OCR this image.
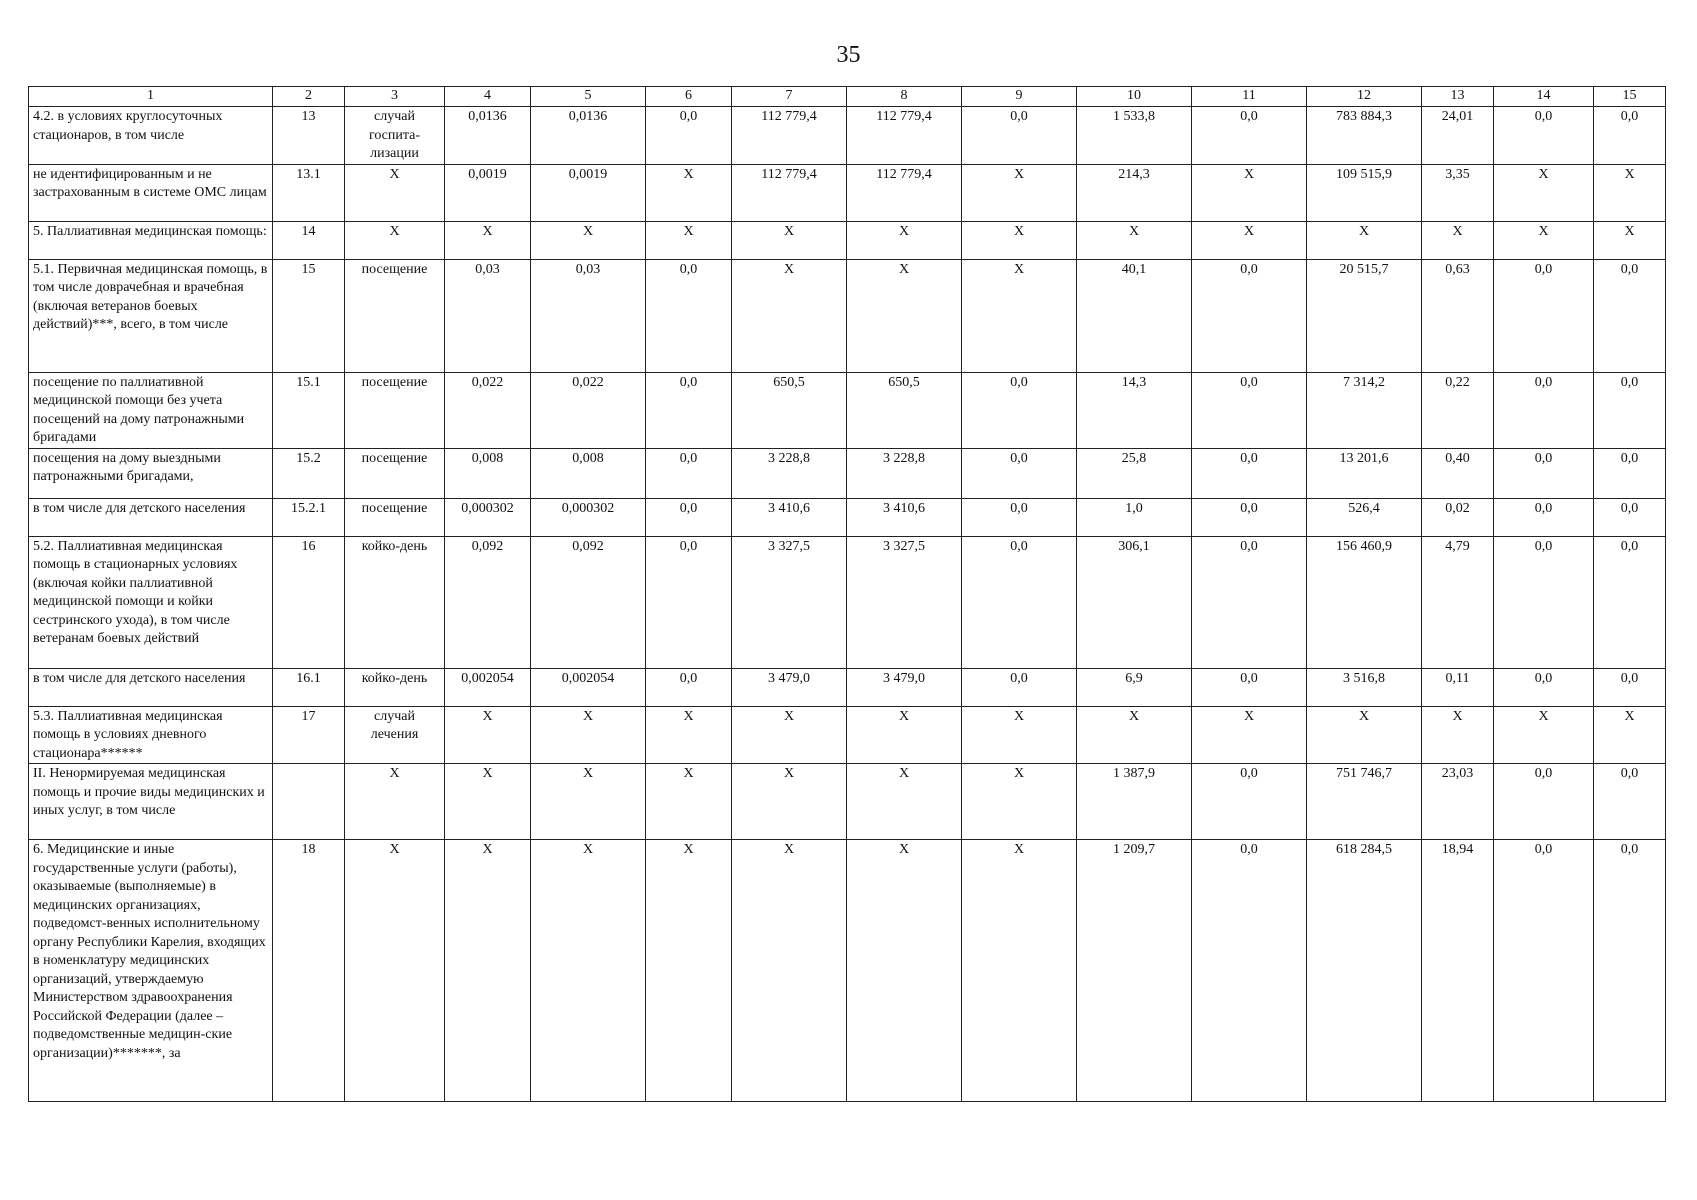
35
1	2	3	4	5	6	7	8	9	10	11	12	13	14	15
4.2. в условиях круглосуточных стационаров, в том числе	13	случай госпита-лизации	0,0136	0,0136	0,0	112 779,4	112 779,4	0,0	1 533,8	0,0	783 884,3	24,01	0,0	0,0
не идентифицированным и не застрахованным в системе ОМС лицам	13.1	Х	0,0019	0,0019	Х	112 779,4	112 779,4	Х	214,3	Х	109 515,9	3,35	Х	Х
5. Паллиативная медицинская помощь:	14	Х	Х	Х	Х	Х	Х	Х	Х	Х	Х	Х	Х	Х
5.1. Первичная медицинская помощь, в том числе доврачебная и врачебная (включая ветеранов боевых действий)***, всего, в том числе	15	посещение	0,03	0,03	0,0	Х	Х	Х	40,1	0,0	20 515,7	0,63	0,0	0,0
посещение по паллиативной медицинской помощи без учета посещений на дому патронажными бригадами	15.1	посещение	0,022	0,022	0,0	650,5	650,5	0,0	14,3	0,0	7 314,2	0,22	0,0	0,0
посещения на дому выездными патронажными бригадами,	15.2	посещение	0,008	0,008	0,0	3 228,8	3 228,8	0,0	25,8	0,0	13 201,6	0,40	0,0	0,0
в том числе для детского населения	15.2.1	посещение	0,000302	0,000302	0,0	3 410,6	3 410,6	0,0	1,0	0,0	526,4	0,02	0,0	0,0
5.2. Паллиативная медицинская помощь в стационарных условиях (включая койки паллиативной медицинской помощи и койки сестринского ухода), в том числе ветеранам боевых действий	16	койко-день	0,092	0,092	0,0	3 327,5	3 327,5	0,0	306,1	0,0	156 460,9	4,79	0,0	0,0
в том числе для детского населения	16.1	койко-день	0,002054	0,002054	0,0	3 479,0	3 479,0	0,0	6,9	0,0	3 516,8	0,11	0,0	0,0
5.3. Паллиативная медицинская помощь в условиях дневного стационара******	17	случай лечения	Х	Х	Х	Х	Х	Х	Х	Х	Х	Х	Х	Х
II. Ненормируемая медицинская помощь и прочие виды медицинских и иных услуг, в том числе		Х	Х	Х	Х	Х	Х	Х	1 387,9	0,0	751 746,7	23,03	0,0	0,0
6. Медицинские и иные государственные услуги (работы), оказываемые (выполняемые) в медицинских организациях, подведомст-венных исполнительному органу Республики Карелия, входящих в номенклатуру медицинских организаций, утверждаемую Министерством здравоохранения Российской Федерации (далее – подведомственные медицин-ские организации)*******, за	18	Х	Х	Х	Х	Х	Х	Х	1 209,7	0,0	618 284,5	18,94	0,0	0,0
